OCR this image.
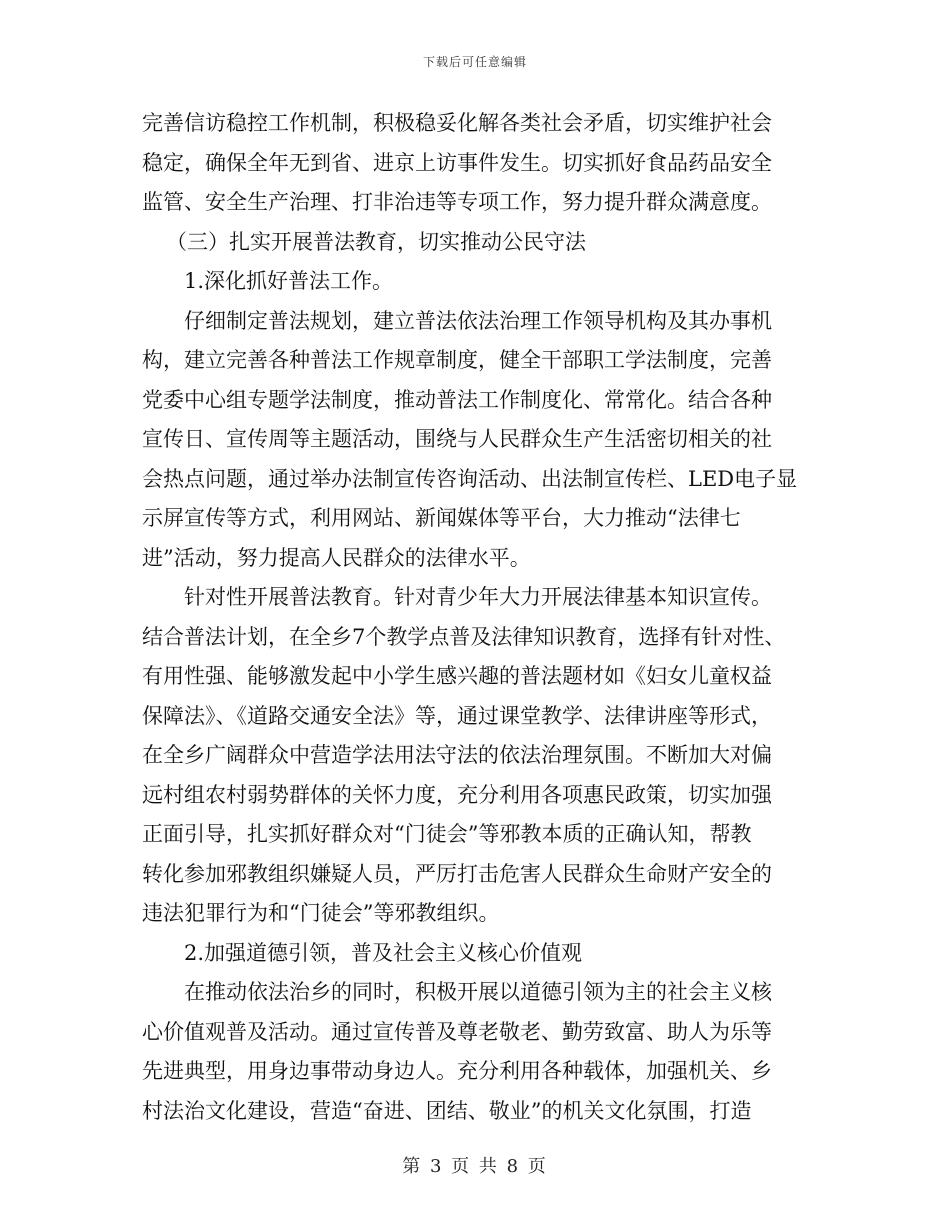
下载后可任意编辑
完善信访稳控工作机制，积极稳妥化解各类社会矛盾，切实维护社会
稳定，确保全年无到省、进京上访事件发生。切实抓好食品药品安全
监管、安全生产治理、打非治违等专项工作，努力提升群众满意度。
（三）扎实开展普法教育，切实推动公民守法
1.深化抓好普法工作。
仔细制定普法规划，建立普法依法治理工作领导机构及其办事机
构，建立完善各种普法工作规章制度，健全干部职工学法制度，完善
党委中心组专题学法制度，推动普法工作制度化、常常化。结合各种
宣传日、宣传周等主题活动，围绕与人民群众生产生活密切相关的社
会热点问题，通过举办法制宣传咨询活动、出法制宣传栏、LED电子显
示屏宣传等方式，利用网站、新闻媒体等平台，大力推动“法律七
进”活动，努力提高人民群众的法律水平。
针对性开展普法教育。针对青少年大力开展法律基本知识宣传。
结合普法计划，在全乡7个教学点普及法律知识教育，选择有针对性、
有用性强、能够激发起中小学生感兴趣的普法题材如《妇女儿童权益
保障法》、《道路交通安全法》等，通过课堂教学、法律讲座等形式，
在全乡广阔群众中营造学法用法守法的依法治理氛围。不断加大对偏
远村组农村弱势群体的关怀力度，充分利用各项惠民政策，切实加强
正面引导，扎实抓好群众对“门徒会”等邪教本质的正确认知，帮教
转化参加邪教组织嫌疑人员，严厉打击危害人民群众生命财产安全的
违法犯罪行为和“门徒会”等邪教组织。
2.加强道德引领，普及社会主义核心价值观
在推动依法治乡的同时，积极开展以道德引领为主的社会主义核
心价值观普及活动。通过宣传普及尊老敬老、勤劳致富、助人为乐等
先进典型，用身边事带动身边人。充分利用各种载体，加强机关、乡
村法治文化建设，营造“奋进、团结、敬业”的机关文化氛围，打造
第 3 页 共 8 页
